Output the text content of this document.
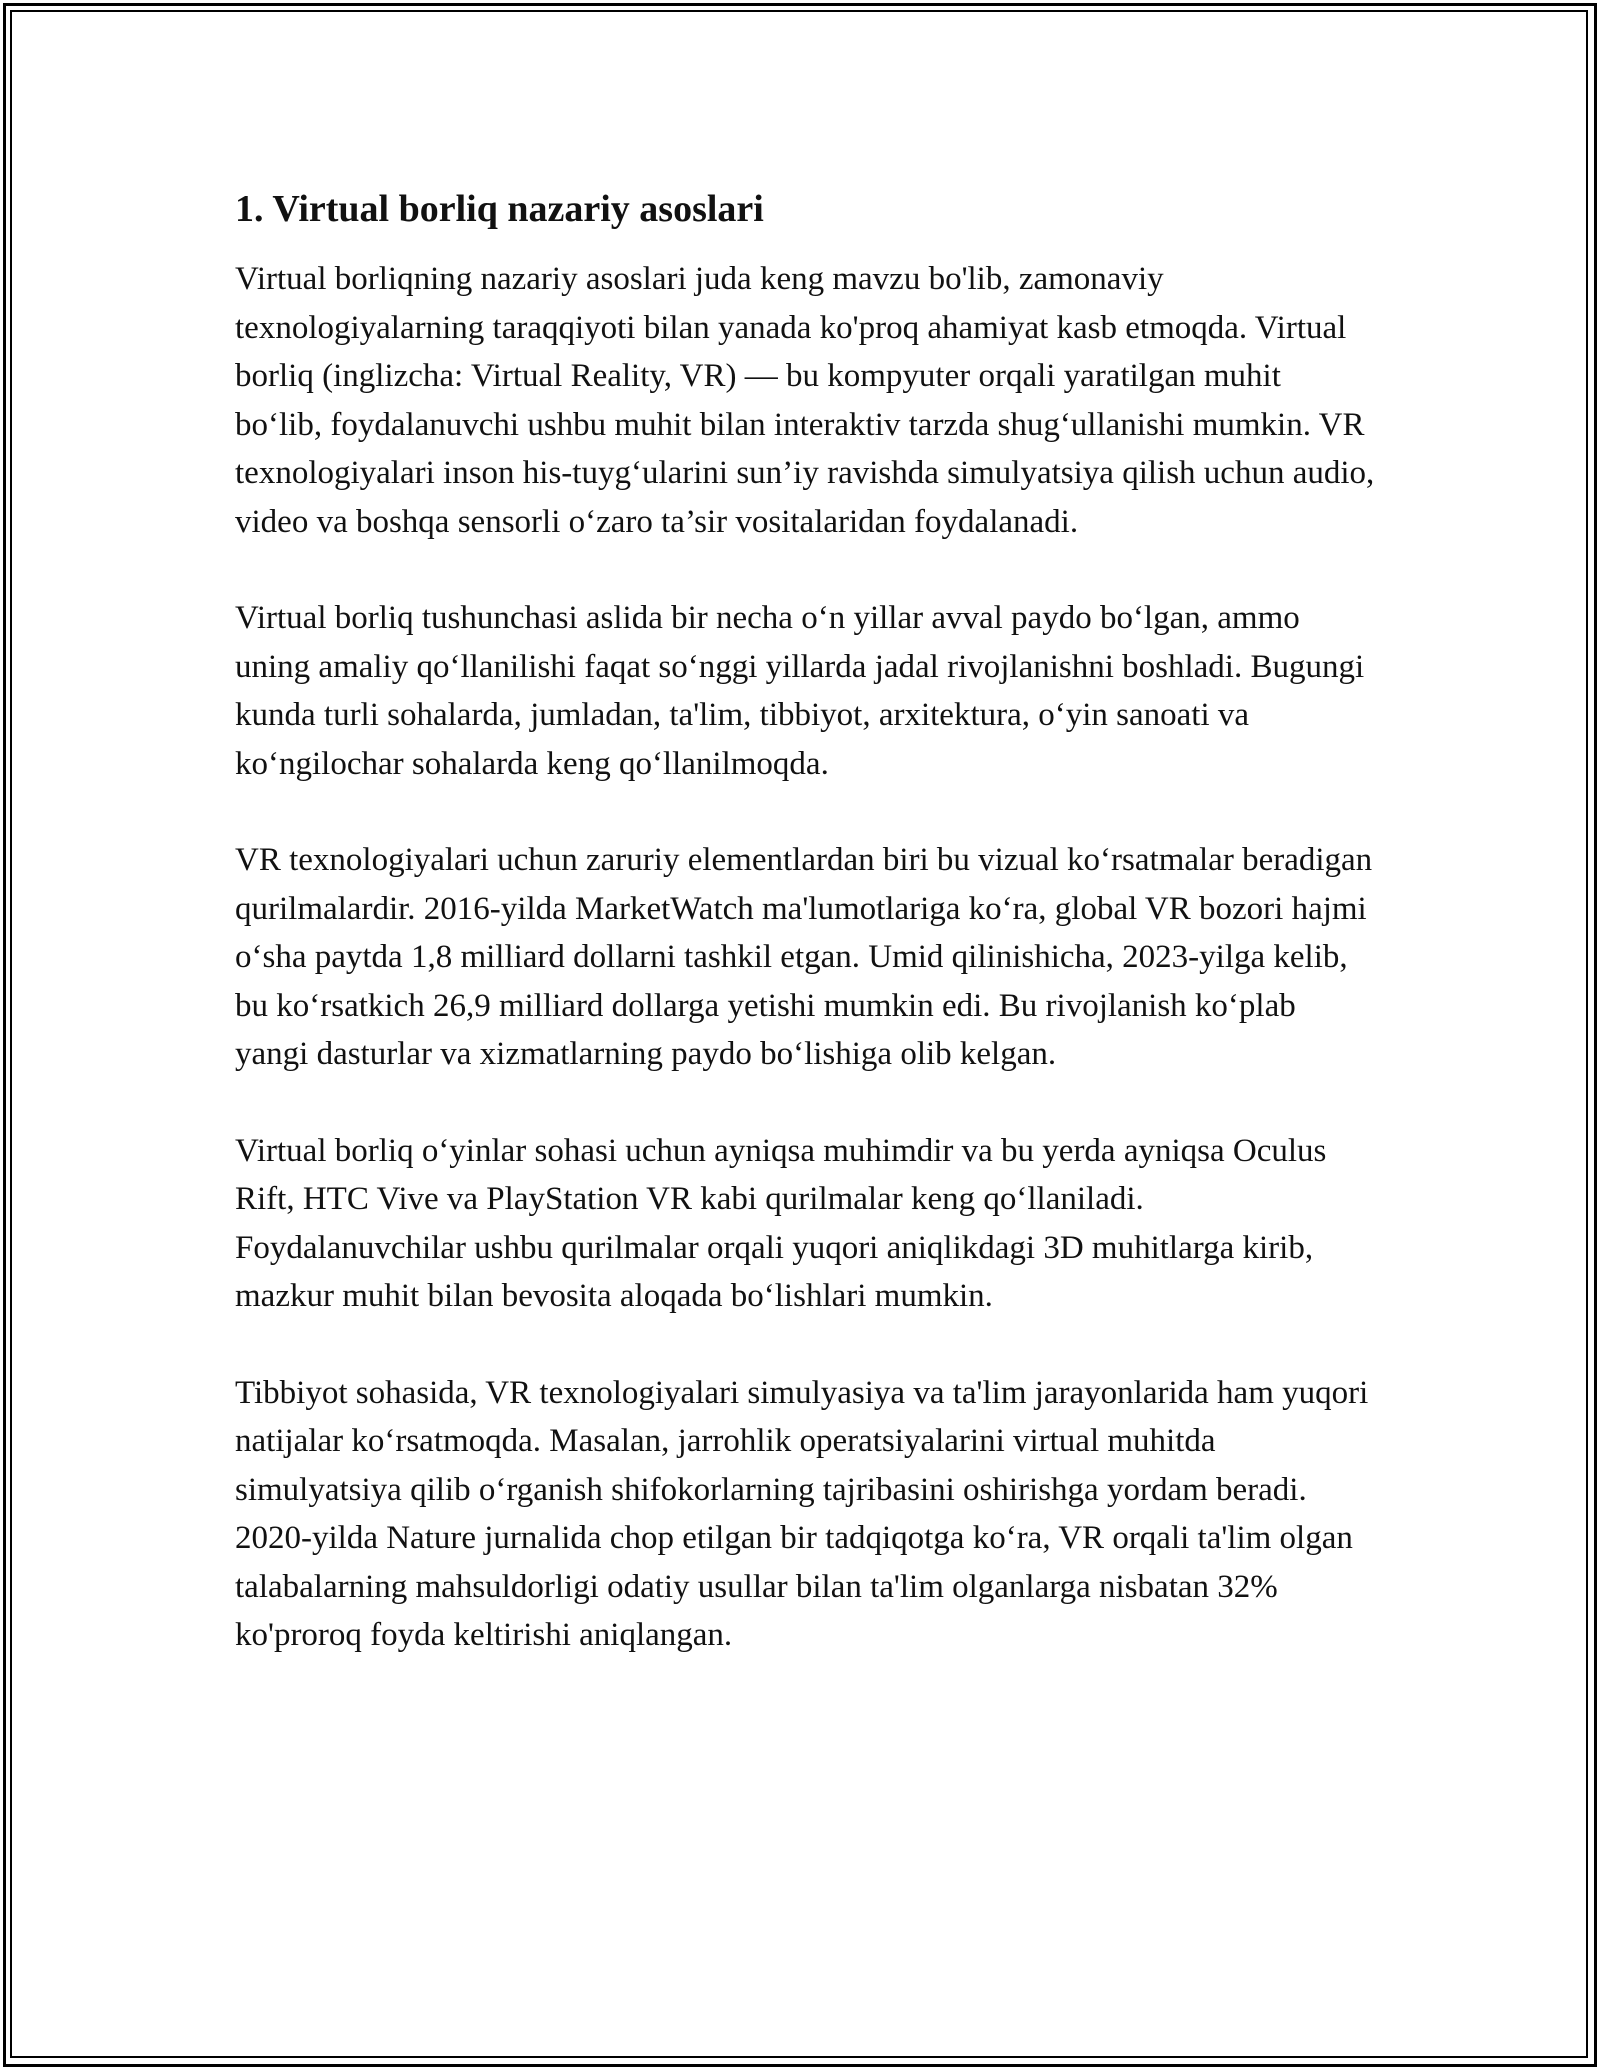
1. Virtual borliq nazariy asoslari

Virtual borliqning nazariy asoslari juda keng mavzu bo'lib, zamonaviy texnologiyalarning taraqqiyoti bilan yanada ko'proq ahamiyat kasb etmoqda. Virtual borliq (inglizcha: Virtual Reality, VR) — bu kompyuter orqali yaratilgan muhit bo‘lib, foydalanuvchi ushbu muhit bilan interaktiv tarzda shug‘ullanishi mumkin. VR texnologiyalari inson his-tuyg‘ularini sun’iy ravishda simulyatsiya qilish uchun audio, video va boshqa sensorli o‘zaro ta’sir vositalaridan foydalanadi.

Virtual borliq tushunchasi aslida bir necha o‘n yillar avval paydo bo‘lgan, ammo uning amaliy qo‘llanilishi faqat so‘nggi yillarda jadal rivojlanishni boshladi. Bugungi kunda turli sohalarda, jumladan, ta'lim, tibbiyot, arxitektura, o‘yin sanoati va ko‘ngilochar sohalarda keng qo‘llanilmoqda.

VR texnologiyalari uchun zaruriy elementlardan biri bu vizual ko‘rsatmalar beradigan qurilmalardir. 2016-yilda MarketWatch ma'lumotlariga ko‘ra, global VR bozori hajmi o‘sha paytda 1,8 milliard dollarni tashkil etgan. Umid qilinishicha, 2023-yilga kelib, bu ko‘rsatkich 26,9 milliard dollarga yetishi mumkin edi. Bu rivojlanish ko‘plab yangi dasturlar va xizmatlarning paydo bo‘lishiga olib kelgan.

Virtual borliq o‘yinlar sohasi uchun ayniqsa muhimdir va bu yerda ayniqsa Oculus Rift, HTC Vive va PlayStation VR kabi qurilmalar keng qo‘llaniladi. Foydalanuvchilar ushbu qurilmalar orqali yuqori aniqlikdagi 3D muhitlarga kirib, mazkur muhit bilan bevosita aloqada bo‘lishlari mumkin.

Tibbiyot sohasida, VR texnologiyalari simulyasiya va ta'lim jarayonlarida ham yuqori natijalar ko‘rsatmoqda. Masalan, jarrohlik operatsiyalarini virtual muhitda simulyatsiya qilib o‘rganish shifokorlarning tajribasini oshirishga yordam beradi. 2020-yilda Nature jurnalida chop etilgan bir tadqiqotga ko‘ra, VR orqali ta'lim olgan talabalarning mahsuldorligi odatiy usullar bilan ta'lim olganlarga nisbatan 32% ko'proroq foyda keltirishi aniqlangan.
